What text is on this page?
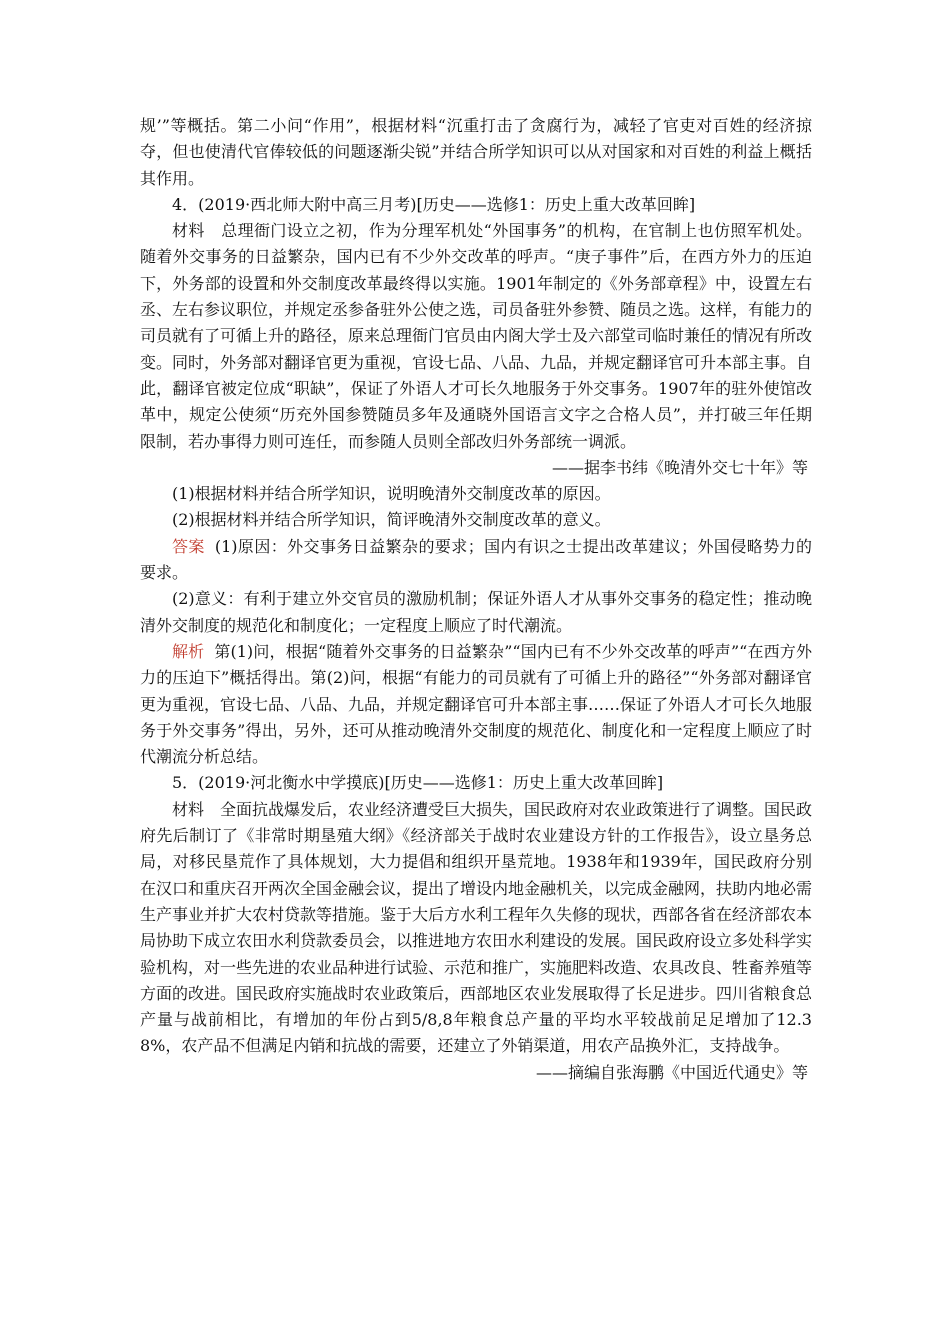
规’”等概括。第二小问“作用”，根据材料“沉重打击了贪腐行为，减轻了官吏对百姓的经济掠夺，但也使清代官俸较低的问题逐渐尖锐”并结合所学知识可以从对国家和对百姓的利益上概括其作用。

4．(2019·西北师大附中高三月考)[历史——选修1：历史上重大改革回眸]

材料　总理衙门设立之初，作为分理军机处“外国事务”的机构，在官制上也仿照军机处。随着外交事务的日益繁杂，国内已有不少外交改革的呼声。“庚子事件”后，在西方外力的压迫下，外务部的设置和外交制度改革最终得以实施。1901年制定的《外务部章程》中，设置左右丞、左右参议职位，并规定丞参备驻外公使之选，司员备驻外参赞、随员之选。这样，有能力的司员就有了可循上升的路径，原来总理衙门官员由内阁大学士及六部堂司临时兼任的情况有所改变。同时，外务部对翻译官更为重视，官设七品、八品、九品，并规定翻译官可升本部主事。自此，翻译官被定位成“职缺”，保证了外语人才可长久地服务于外交事务。1907年的驻外使馆改革中，规定公使须“历充外国参赞随员多年及通晓外国语言文字之合格人员”，并打破三年任期限制，若办事得力则可连任，而参随人员则全部改归外务部统一调派。

——据李书纬《晚清外交七十年》等

(1)根据材料并结合所学知识，说明晚清外交制度改革的原因。

(2)根据材料并结合所学知识，简评晚清外交制度改革的意义。

答案 (1)原因：外交事务日益繁杂的要求；国内有识之士提出改革建议；外国侵略势力的要求。

(2)意义：有利于建立外交官员的激励机制；保证外语人才从事外交事务的稳定性；推动晚清外交制度的规范化和制度化；一定程度上顺应了时代潮流。

解析 第(1)问，根据“随着外交事务的日益繁杂”“国内已有不少外交改革的呼声”“在西方外力的压迫下”概括得出。第(2)问，根据“有能力的司员就有了可循上升的路径”“外务部对翻译官更为重视，官设七品、八品、九品，并规定翻译官可升本部主事……保证了外语人才可长久地服务于外交事务”得出，另外，还可从推动晚清外交制度的规范化、制度化和一定程度上顺应了时代潮流分析总结。

5．(2019·河北衡水中学摸底)[历史——选修1：历史上重大改革回眸]

材料　全面抗战爆发后，农业经济遭受巨大损失，国民政府对农业政策进行了调整。国民政府先后制订了《非常时期垦殖大纲》《经济部关于战时农业建设方针的工作报告》，设立垦务总局，对移民垦荒作了具体规划，大力提倡和组织开垦荒地。1938年和1939年，国民政府分别在汉口和重庆召开两次全国金融会议，提出了增设内地金融机关，以完成金融网，扶助内地必需生产事业并扩大农村贷款等措施。鉴于大后方水利工程年久失修的现状，西部各省在经济部农本局协助下成立农田水利贷款委员会，以推进地方农田水利建设的发展。国民政府设立多处科学实验机构，对一些先进的农业品种进行试验、示范和推广，实施肥料改造、农具改良、牲畜养殖等方面的改进。国民政府实施战时农业政策后，西部地区农业发展取得了长足进步。四川省粮食总产量与战前相比，有增加的年份占到5/8,8年粮食总产量的平均水平较战前足足增加了12.38%，农产品不但满足内销和抗战的需要，还建立了外销渠道，用农产品换外汇，支持战争。

——摘编自张海鹏《中国近代通史》等
